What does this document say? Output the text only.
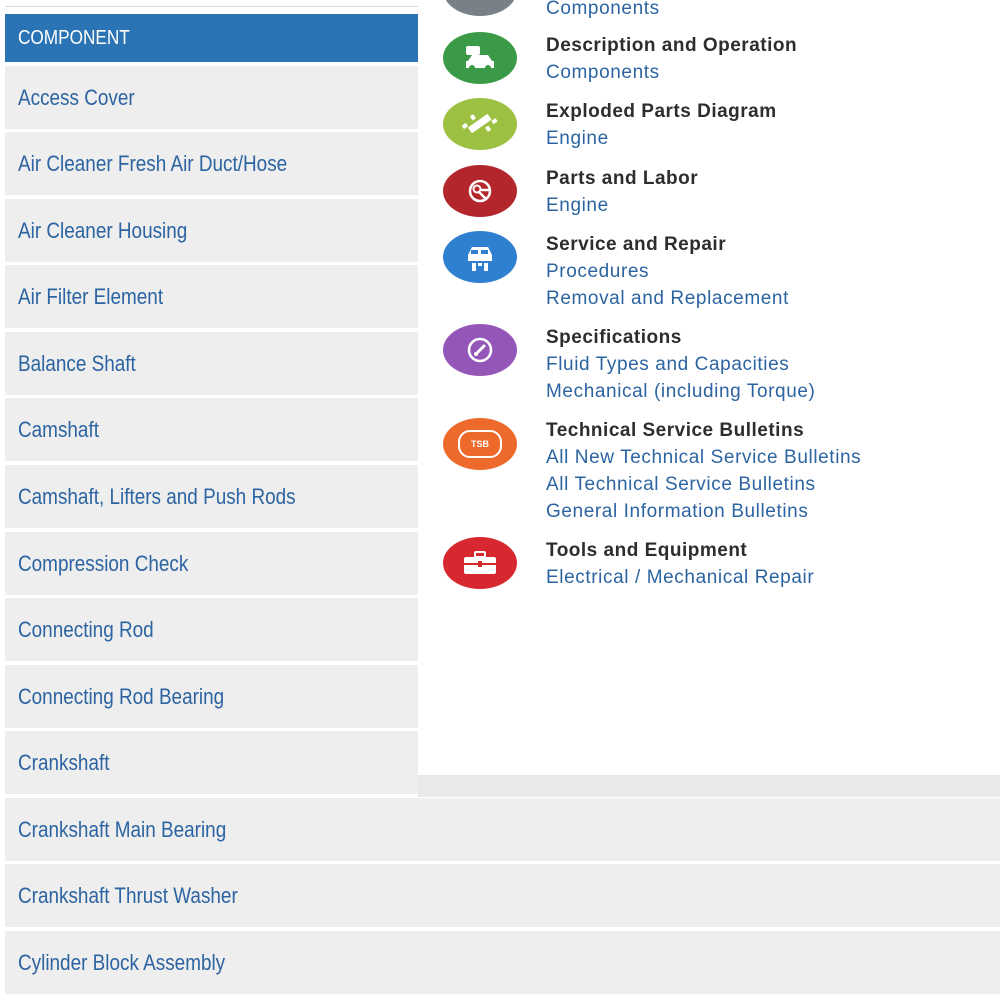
COMPONENT
Access Cover
Air Cleaner Fresh Air Duct/Hose
Air Cleaner Housing
Air Filter Element
Balance Shaft
Camshaft
Camshaft, Lifters and Push Rods
Compression Check
Connecting Rod
Connecting Rod Bearing
Crankshaft
Crankshaft Main Bearing
Crankshaft Thrust Washer
Cylinder Block Assembly
Components
Description and Operation
Components
Exploded Parts Diagram
Engine
Parts and Labor
Engine
Service and Repair
Procedures
Removal and Replacement
Specifications
Fluid Types and Capacities
Mechanical (including Torque)
TSB
Technical Service Bulletins
All New Technical Service Bulletins
All Technical Service Bulletins
General Information Bulletins
Tools and Equipment
Electrical / Mechanical Repair
